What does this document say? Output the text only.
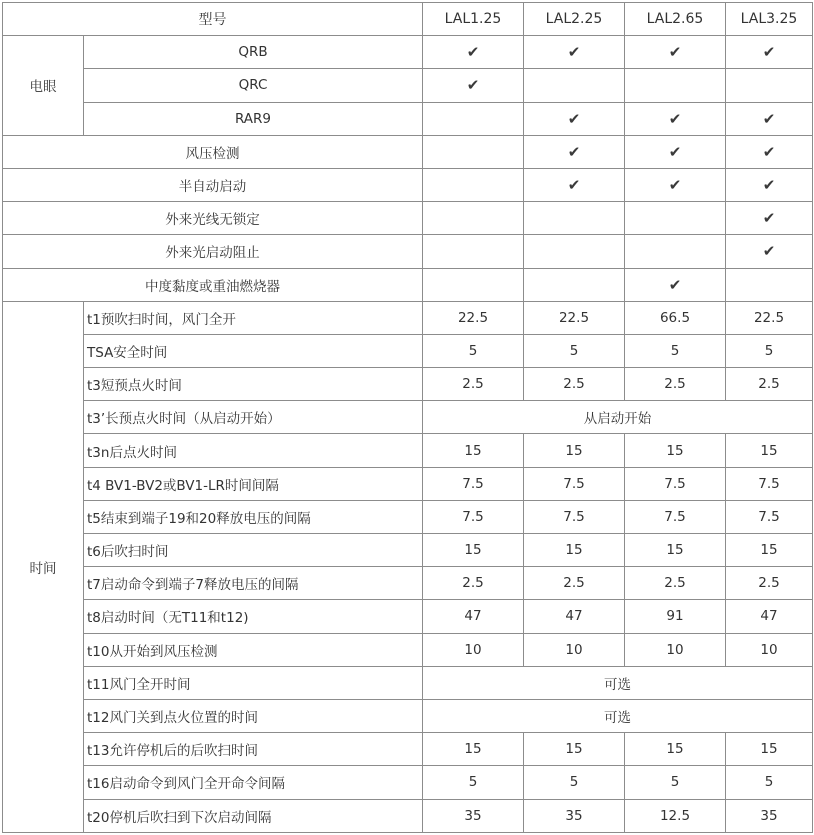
型号		LAL1.25	LAL2.25	LAL2.65	LAL3.25
电眼	QRB	✔	✔	✔	✔
	QRC	✔			
	RAR9		✔	✔	✔
风压检测			✔	✔	✔
半自动启动			✔	✔	✔
外来光线无锁定					✔
外来光启动阻止					✔
中度黏度或重油燃烧器				✔	
时间	t1预吹扫时间，风门全开	22.5	22.5	66.5	22.5
	TSA安全时间	5	5	5	5
	t3短预点火时间	2.5	2.5	2.5	2.5
	t3’长预点火时间（从启动开始）	从启动开始			
	t3n后点火时间	15	15	15	15
	t4 BV1-BV2或BV1-LR时间间隔	7.5	7.5	7.5	7.5
	t5结束到端子19和20释放电压的间隔	7.5	7.5	7.5	7.5
	t6后吹扫时间	15	15	15	15
	t7启动命令到端子7释放电压的间隔	2.5	2.5	2.5	2.5
	t8启动时间（无T11和t12)	47	47	91	47
	t10从开始到风压检测	10	10	10	10
	t11风门全开时间	可选			
	t12风门关到点火位置的时间	可选			
	t13允许停机后的后吹扫时间	15	15	15	15
	t16启动命令到风门全开命令间隔	5	5	5	5
	t20停机后吹扫到下次启动间隔	35	35	12.5	35
